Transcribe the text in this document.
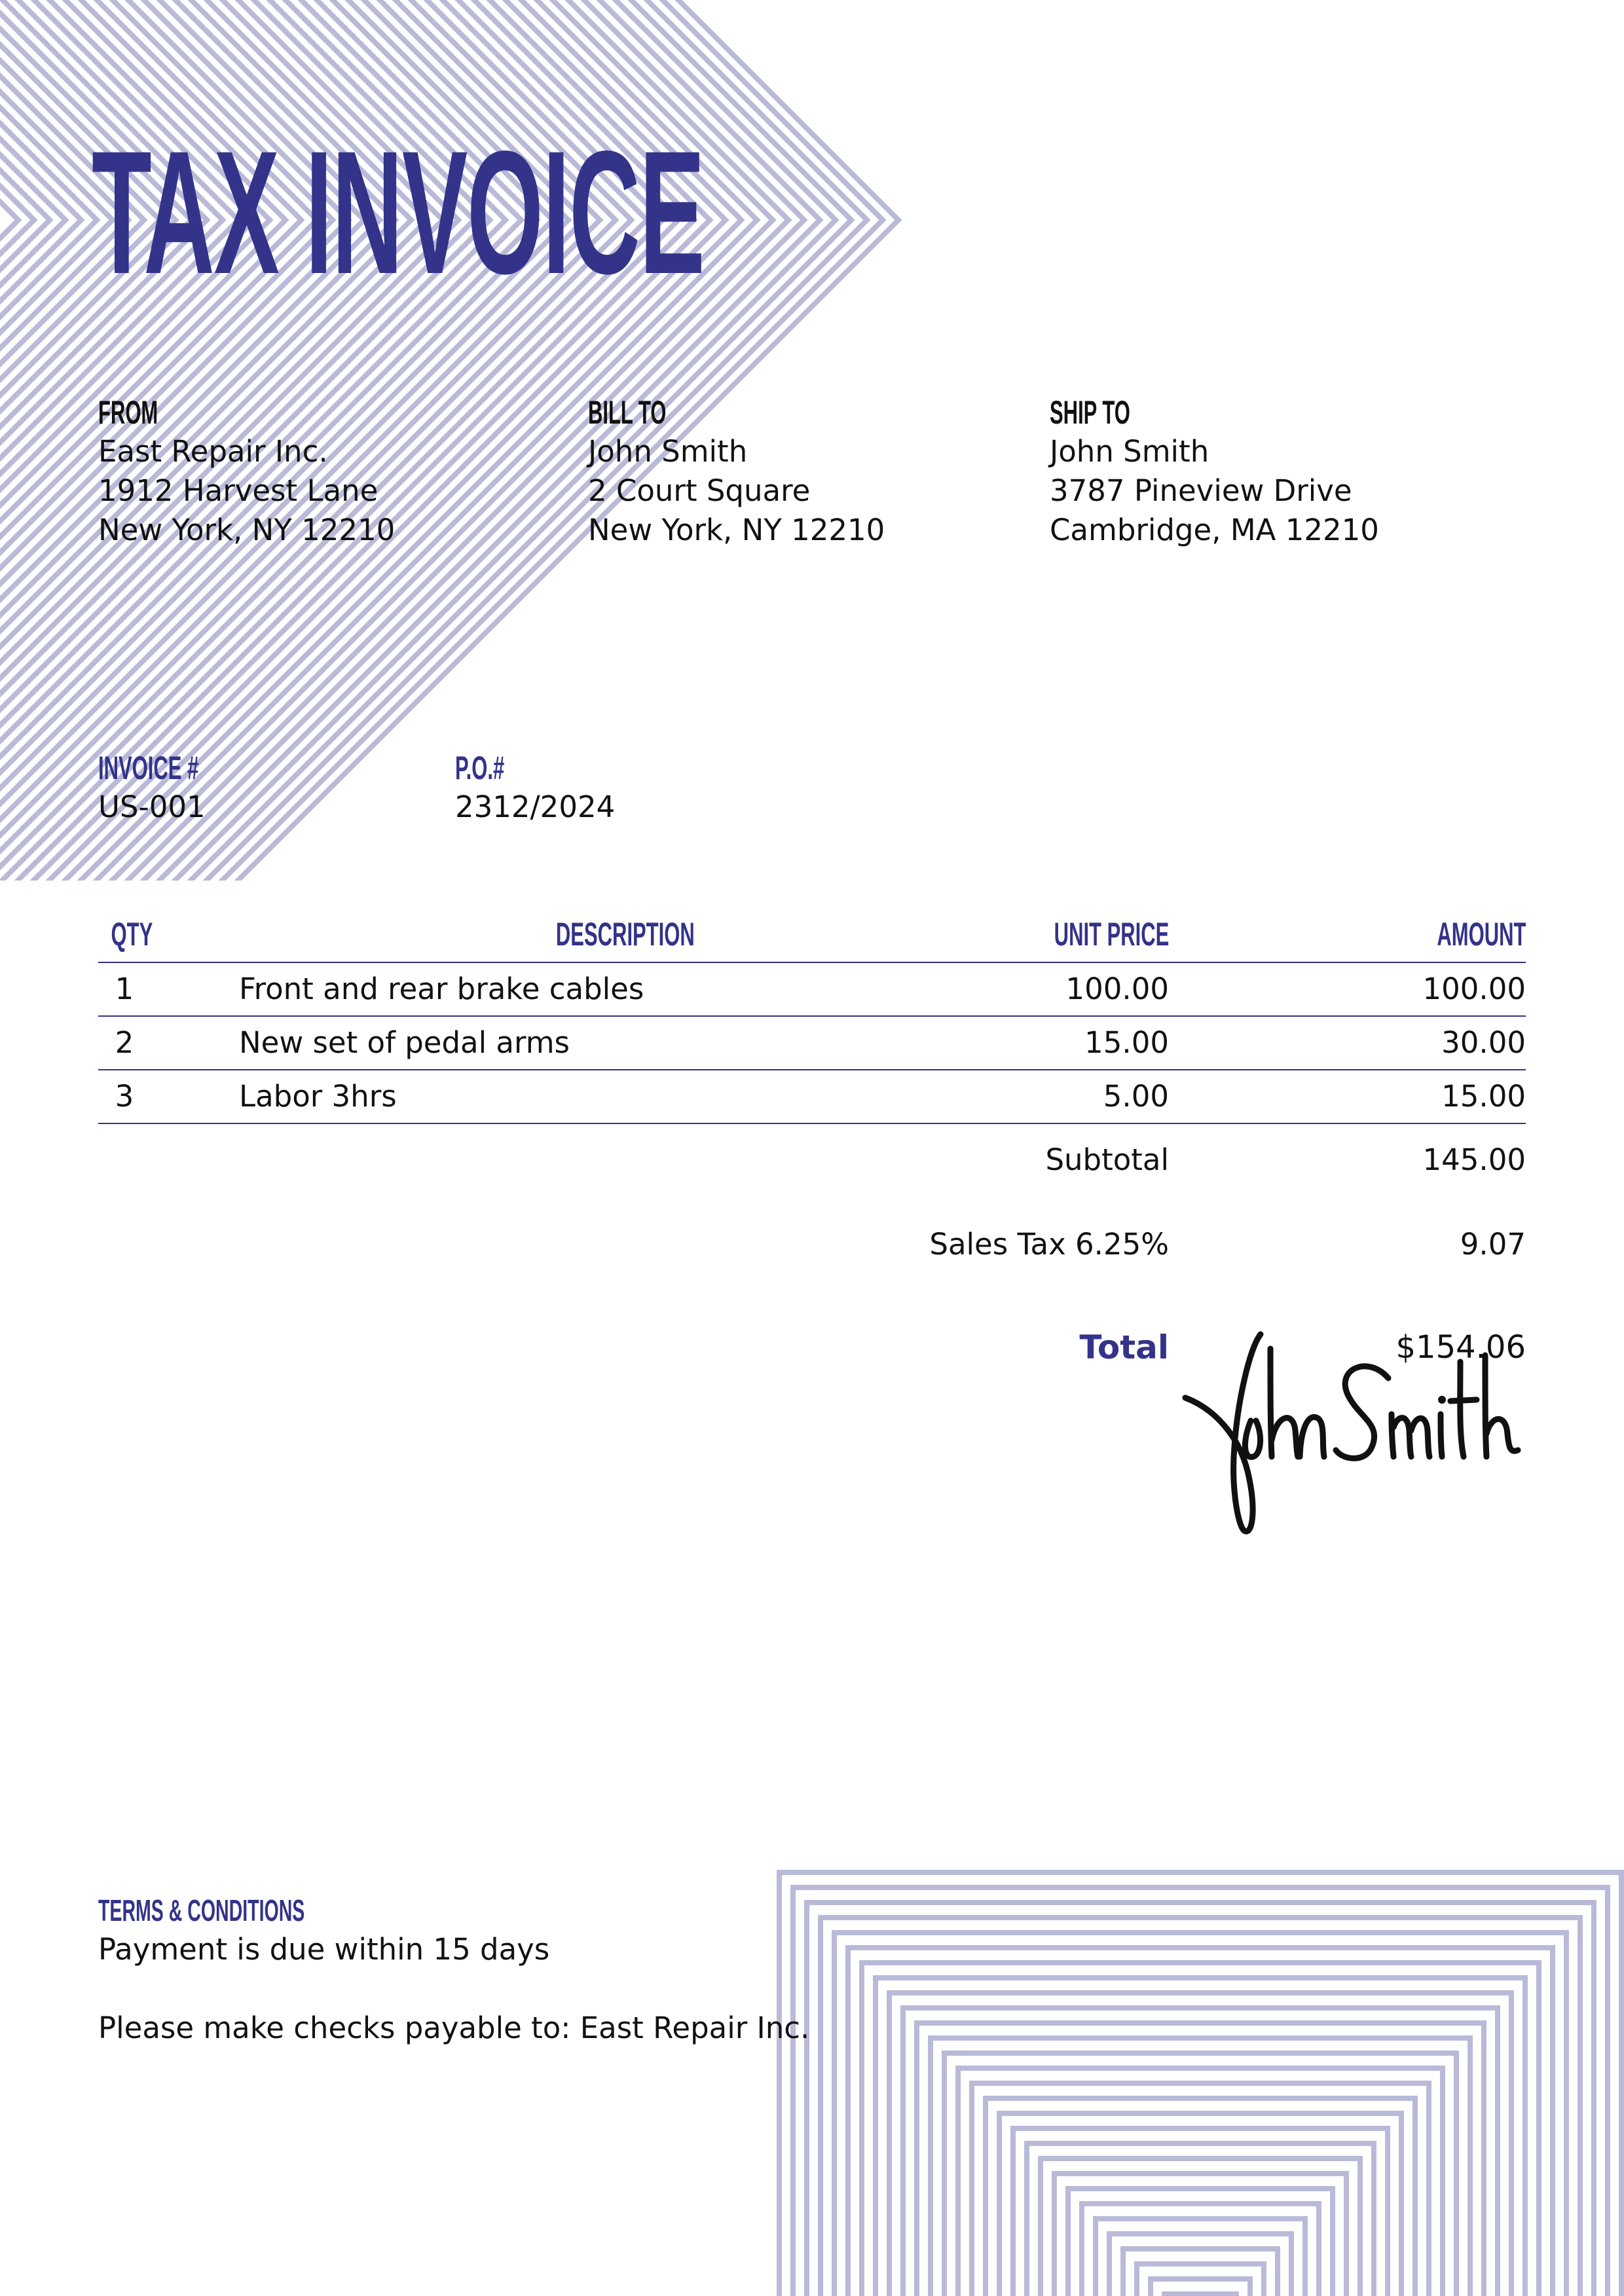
TAX INVOICE
FROM
East Repair Inc.
1912 Harvest Lane
New York, NY 12210
BILL TO
John Smith
2 Court Square
New York, NY 12210
SHIP TO
John Smith
3787 Pineview Drive
Cambridge, MA 12210
INVOICE #
US-001
P.O.#
2312/2024
QTY	DESCRIPTION	UNIT PRICE	AMOUNT
1	Front and rear brake cables	100.00	100.00
2	New set of pedal arms	15.00	30.00
3	Labor 3hrs	5.00	15.00
Subtotal	145.00
Sales Tax 6.25%	9.07
Total	$154.06
TERMS & CONDITIONS
Payment is due within 15 days
Please make checks payable to: East Repair Inc.
